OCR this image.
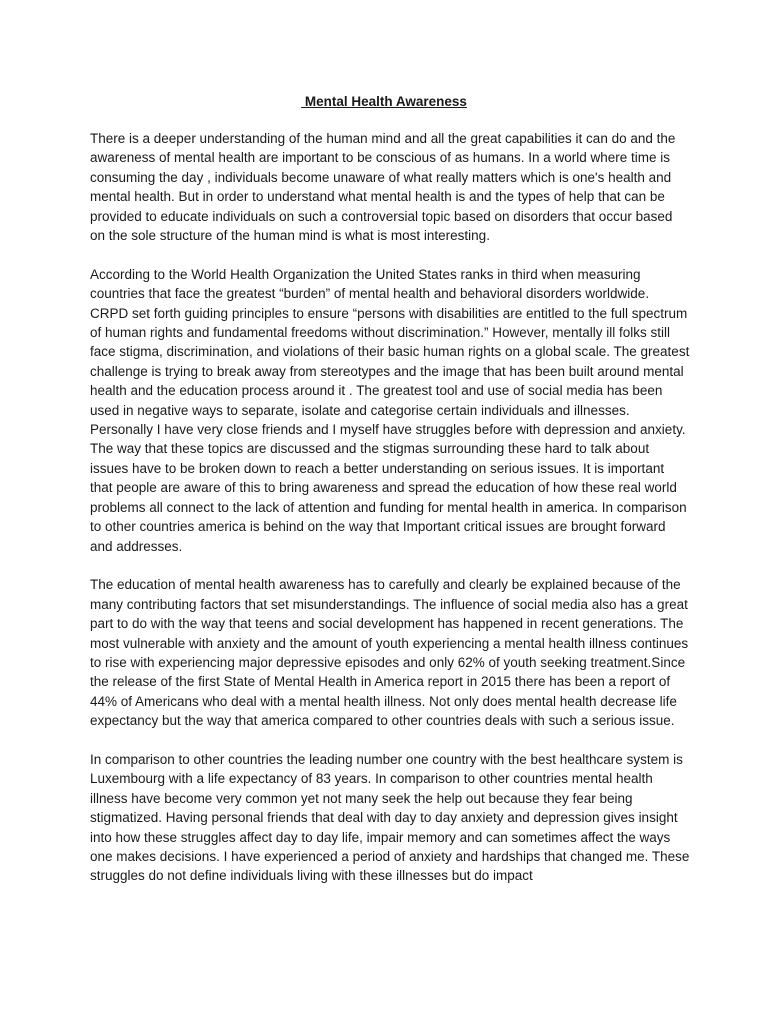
Mental Health Awareness

There is a deeper understanding of the human mind and all the great capabilities it can do and the awareness of mental health are important to be conscious of as humans. In a world where time is consuming the day , individuals become unaware of what really matters which is one's health and mental health. But in order to understand what mental health is and the types of help that can be provided to educate individuals on such a controversial topic based on disorders that occur based on the sole structure of the human mind is what is most interesting.

According to the World Health Organization the United States ranks in third when measuring countries that face the greatest “burden” of mental health and behavioral disorders worldwide. CRPD set forth guiding principles to ensure “persons with disabilities are entitled to the full spectrum of human rights and fundamental freedoms without discrimination.” However, mentally ill folks still face stigma, discrimination, and violations of their basic human rights on a global scale. The greatest challenge is trying to break away from stereotypes and the image that has been built around mental health and the education process around it . The greatest tool and use of social media has been used in negative ways to separate, isolate and categorise certain individuals and illnesses. Personally I have very close friends and I myself have struggles before with depression and anxiety. The way that these topics are discussed and the stigmas surrounding these hard to talk about issues have to be broken down to reach a better understanding on serious issues. It is important that people are aware of this to bring awareness and spread the education of how these real world problems all connect to the lack of attention and funding for mental health in america. In comparison to other countries america is behind on the way that Important critical issues are brought forward and addresses.

The education of mental health awareness has to carefully and clearly be explained because of the many contributing factors that set misunderstandings. The influence of social media also has a great part to do with the way that teens and social development has happened in recent generations. The most vulnerable with anxiety and the amount of youth experiencing a mental health illness continues to rise with experiencing major depressive episodes and only 62% of youth seeking treatment.Since the release of the first State of Mental Health in America report in 2015 there has been a report of 44% of Americans who deal with a mental health illness. Not only does mental health decrease life expectancy but the way that america compared to other countries deals with such a serious issue.

In comparison to other countries the leading number one country with the best healthcare system is Luxembourg with a life expectancy of 83 years. In comparison to other countries mental health illness have become very common yet not many seek the help out because they fear being stigmatized. Having personal friends that deal with day to day anxiety and depression gives insight into how these struggles affect day to day life, impair memory and can sometimes affect the ways one makes decisions. I have experienced a period of anxiety and hardships that changed me. These struggles do not define individuals living with these illnesses but do impact
